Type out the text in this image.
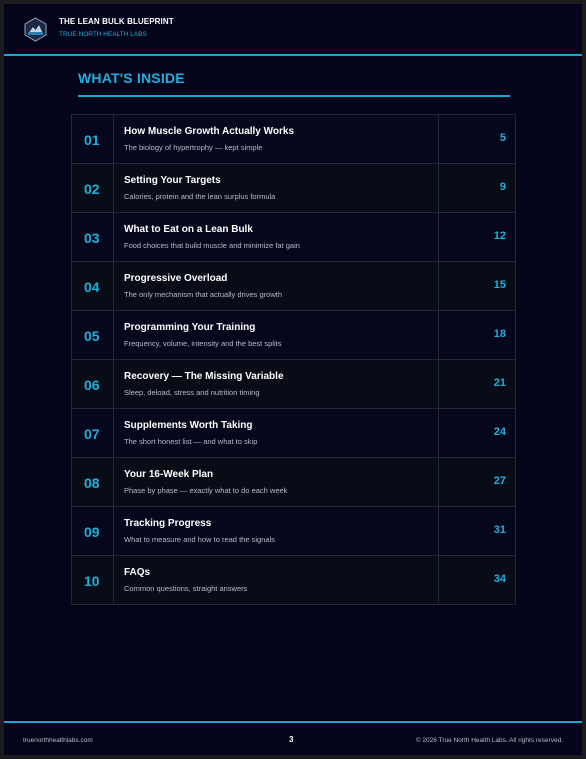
THE LEAN BULK BLUEPRINT
TRUE NORTH HEALTH LABS
WHAT'S INSIDE
01
How Muscle Growth Actually Works
The biology of hypertrophy — kept simple
5
02
Setting Your Targets
Calories, protein and the lean surplus formula
9
03
What to Eat on a Lean Bulk
Food choices that build muscle and minimize fat gain
12
04
Progressive Overload
The only mechanism that actually drives growth
15
05
Programming Your Training
Frequency, volume, intensity and the best splits
18
06
Recovery — The Missing Variable
Sleep, deload, stress and nutrition timing
21
07
Supplements Worth Taking
The short honest list — and what to skip
24
08
Your 16-Week Plan
Phase by phase — exactly what to do each week
27
09
Tracking Progress
What to measure and how to read the signals
31
10
FAQs
Common questions, straight answers
34
truenorthhealthlabs.com	3	© 2026 True North Health Labs. All rights reserved.
